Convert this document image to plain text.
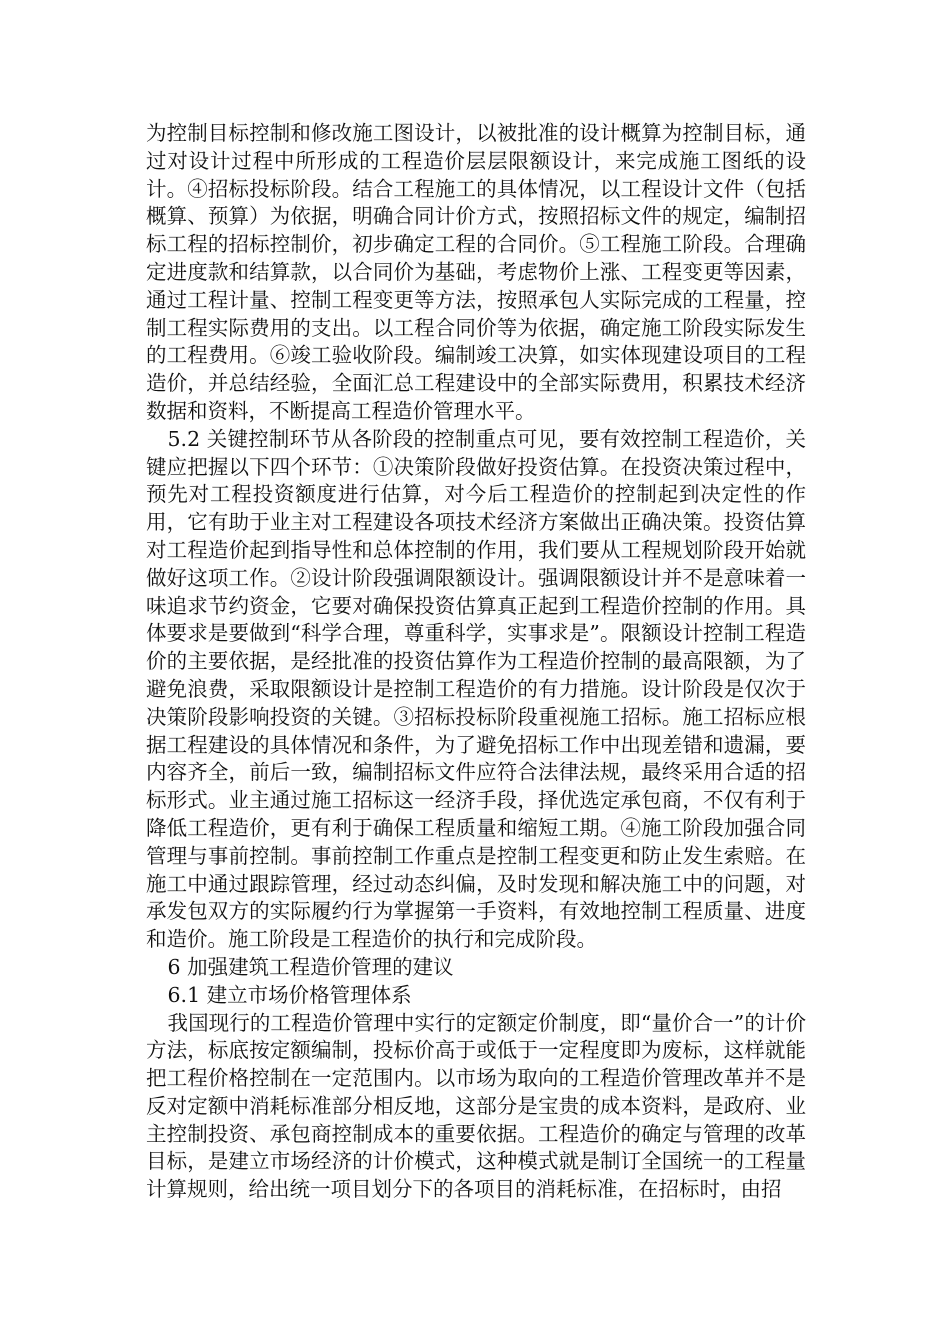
为控制目标控制和修改施工图设计，以被批准的设计概算为控制目标，通过对设计过程中所形成的工程造价层层限额设计，来完成施工图纸的设计。④招标投标阶段。结合工程施工的具体情况，以工程设计文件（包括概算、预算）为依据，明确合同计价方式，按照招标文件的规定，编制招标工程的招标控制价，初步确定工程的合同价。⑤工程施工阶段。合理确定进度款和结算款，以合同价为基础，考虑物价上涨、工程变更等因素，通过工程计量、控制工程变更等方法，按照承包人实际完成的工程量，控制工程实际费用的支出。以工程合同价等为依据，确定施工阶段实际发生的工程费用。⑥竣工验收阶段。编制竣工决算，如实体现建设项目的工程造价，并总结经验，全面汇总工程建设中的全部实际费用，积累技术经济数据和资料，不断提高工程造价管理水平。

5.2 关键控制环节从各阶段的控制重点可见，要有效控制工程造价，关键应把握以下四个环节：①决策阶段做好投资估算。在投资决策过程中，预先对工程投资额度进行估算，对今后工程造价的控制起到决定性的作用，它有助于业主对工程建设各项技术经济方案做出正确决策。投资估算对工程造价起到指导性和总体控制的作用，我们要从工程规划阶段开始就做好这项工作。②设计阶段强调限额设计。强调限额设计并不是意味着一味追求节约资金，它要对确保投资估算真正起到工程造价控制的作用。具体要求是要做到“科学合理，尊重科学，实事求是”。限额设计控制工程造价的主要依据，是经批准的投资估算作为工程造价控制的最高限额，为了避免浪费，采取限额设计是控制工程造价的有力措施。设计阶段是仅次于决策阶段影响投资的关键。③招标投标阶段重视施工招标。施工招标应根据工程建设的具体情况和条件，为了避免招标工作中出现差错和遗漏，要内容齐全，前后一致，编制招标文件应符合法律法规，最终采用合适的招标形式。业主通过施工招标这一经济手段，择优选定承包商，不仅有利于降低工程造价，更有利于确保工程质量和缩短工期。④施工阶段加强合同管理与事前控制。事前控制工作重点是控制工程变更和防止发生索赔。在施工中通过跟踪管理，经过动态纠偏，及时发现和解决施工中的问题，对承发包双方的实际履约行为掌握第一手资料，有效地控制工程质量、进度和造价。施工阶段是工程造价的执行和完成阶段。

6 加强建筑工程造价管理的建议

6.1 建立市场价格管理体系

我国现行的工程造价管理中实行的定额定价制度，即“量价合一”的计价方法，标底按定额编制，投标价高于或低于一定程度即为废标，这样就能把工程价格控制在一定范围内。以市场为取向的工程造价管理改革并不是反对定额中消耗标准部分相反地，这部分是宝贵的成本资料，是政府、业主控制投资、承包商控制成本的重要依据。工程造价的确定与管理的改革目标，是建立市场经济的计价模式，这种模式就是制订全国统一的工程量计算规则，给出统一项目划分下的各项目的消耗标准，在招标时，由招
